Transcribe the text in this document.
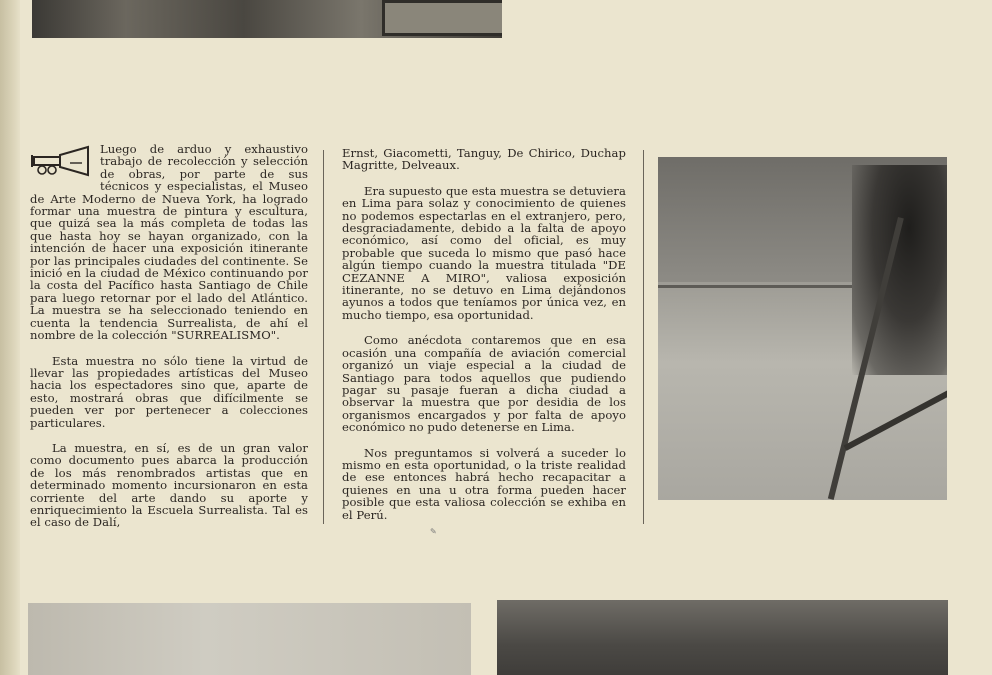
Luego de arduo y exhaustivo trabajo de recolección y selección de obras, por parte de sus técnicos y especialistas, el Museo de Arte Moderno de Nueva York, ha logrado formar una muestra de pintura y escultura, que quizá sea la más completa de todas las que hasta hoy se hayan organizado, con la intención de hacer una exposición itinerante por las principales ciudades del continente. Se inició en la ciudad de México continuando por la costa del Pacífico hasta Santiago de Chile para luego retornar por el lado del Atlántico. La muestra se ha seleccionado teniendo en cuenta la tendencia Surrealista, de ahí el nombre de la colección "SURREALISMO".

Esta muestra no sólo tiene la virtud de llevar las propiedades artísticas del Museo hacia los espectadores sino que, aparte de esto, mostrará obras que difícilmente se pueden ver por pertenecer a colecciones particulares.

La muestra, en sí, es de un gran valor como documento pues abarca la producción de los más renombrados artistas que en determinado momento incursionaron en esta corriente del arte dando su aporte y enriquecimiento la Escuela Surrealista. Tal es el caso de Dalí,

Ernst, Giacometti, Tanguy, De Chirico, Duchap Magritte, Delveaux.

Era supuesto que esta muestra se detuviera en Lima para solaz y conocimiento de quienes no podemos espectarlas en el extranjero, pero, desgraciadamente, debido a la falta de apoyo económico, así como del oficial, es muy probable que suceda lo mismo que pasó hace algún tiempo cuando la muestra titulada "DE CEZANNE A MIRO", valiosa exposición itinerante, no se detuvo en Lima dejándonos ayunos a todos que teníamos por única vez, en mucho tiempo, esa oportunidad.

Como anécdota contaremos que en esa ocasión una compañía de aviación comercial organizó un viaje especial a la ciudad de Santiago para todos aquellos que pudiendo pagar su pasaje fueran a dicha ciudad a observar la muestra que por desidia de los organismos encargados y por falta de apoyo económico no pudo detenerse en Lima.

Nos preguntamos si volverá a suceder lo mismo en esta oportunidad, o la triste realidad de ese entonces habrá hecho recapacitar a quienes en una u otra forma pueden hacer posible que esta valiosa colección se exhiba en el Perú.

✎
